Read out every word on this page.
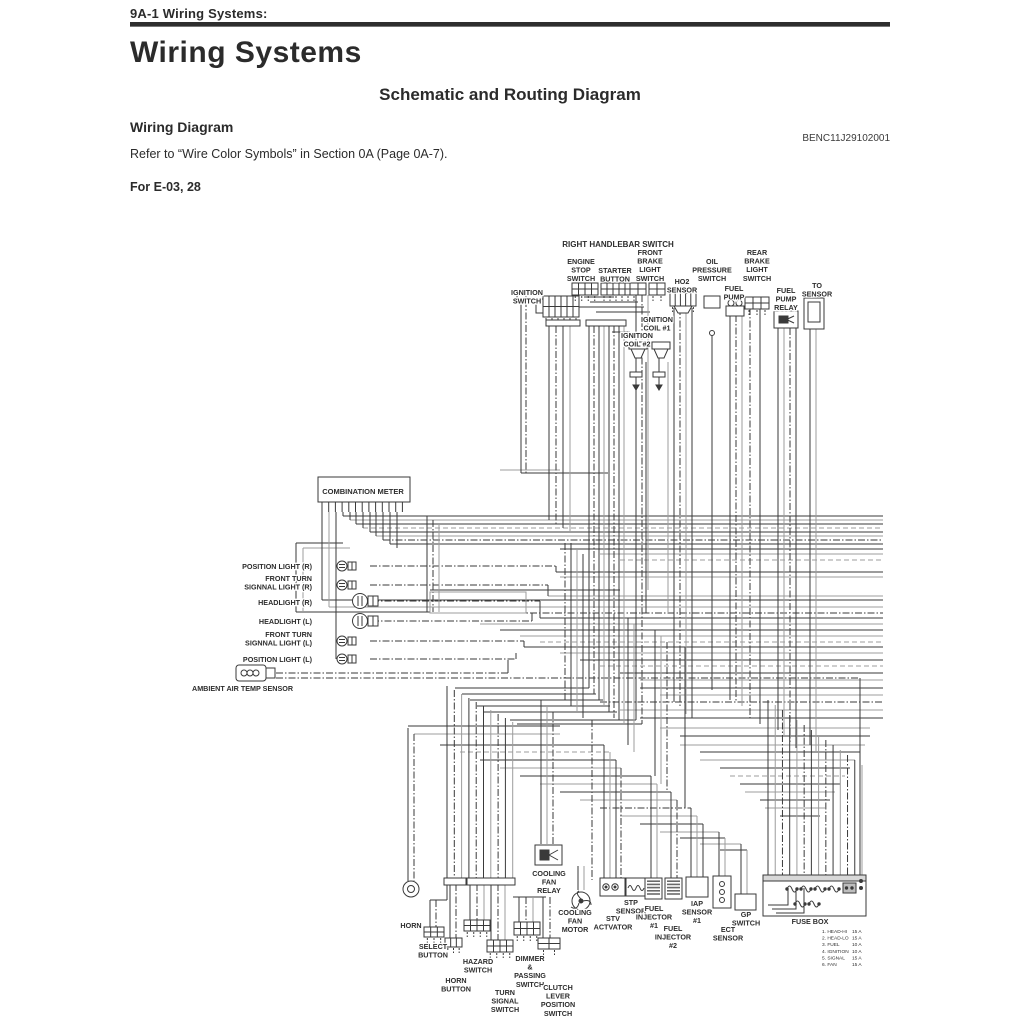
9A-1 Wiring Systems:
Wiring Systems
Schematic and Routing Diagram
Wiring Diagram
BENC11J29102001
Refer to “Wire Color Symbols” in Section 0A (Page 0A-7).
For E-03, 28
RIGHT HANDLEBAR SWITCH
IGNITION SWITCH
ENGINE STOP SWITCH
STARTER BUTTON
FRONT BRAKE LIGHT SWITCH	HO2 SENSOR
OIL PRESSURE SWITCH
FUEL PUMP
REAR BRAKE LIGHT SWITCH
FUEL PUMP RELAY
TO SENSOR
IGNITION COIL #1
IGNITION COIL #2
COMBINATION METER
POSITION LIGHT (R)
FRONT TURN SIGNNAL LIGHT (R)
HEADLIGHT (R)
HEADLIGHT (L)
FRONT TURN SIGNNAL LIGHT (L)
POSITION LIGHT (L)
AMBIENT AIR TEMP SENSOR
HORN
SELECT BUTTON
HAZARD SWITCH
HORN BUTTON	TURN SIGNAL SWITCH
DIMMER & PASSING SWITCH CLUTCH LEVER POSITION SWITCH
COOLING FAN RELAY
COOLING FAN MOTOR
STV ACTVATOR
STP SENSOR
FUEL INJECTOR #1 FUEL INJECTOR #2
IAP SENSOR #1
ECT SENSOR
GP SWITCH	FUSE BOX
1. HEAD-HI 15 A
2. HEAD-LO 15 A
3. FUEL	10 A
4. IGNITION 10 A
5. SIGNAL 15 A
6. FAN	15 A
